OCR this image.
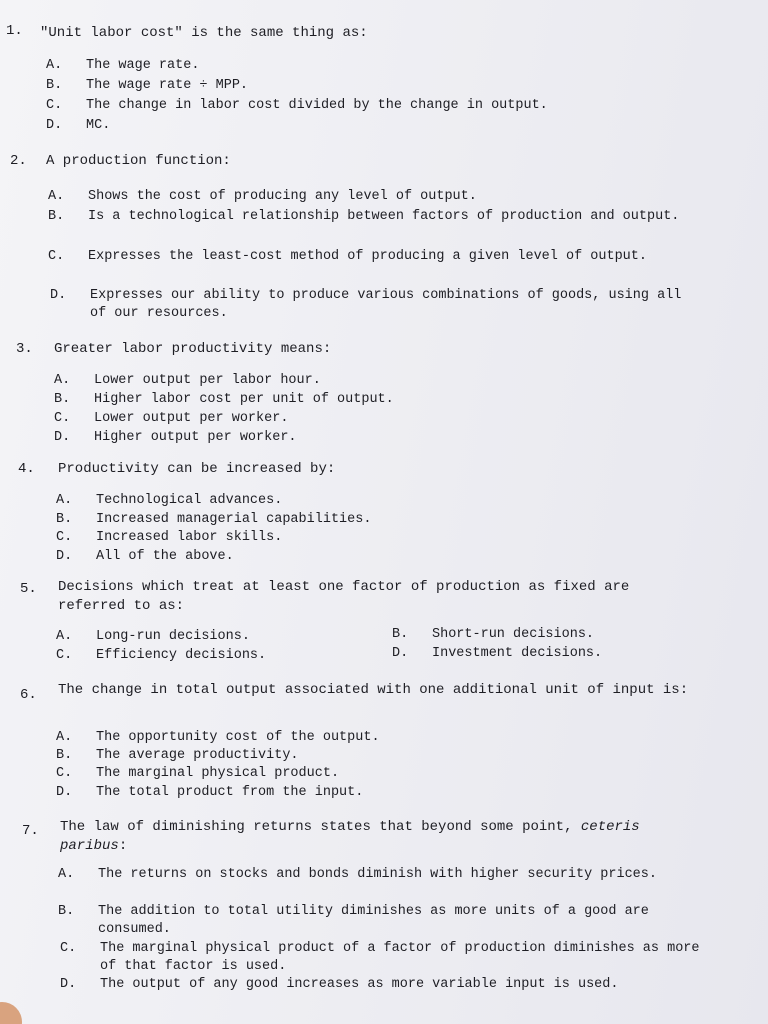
1. "Unit labor cost" is the same thing as:
A. The wage rate.
B. The wage rate ÷ MPP.
C. The change in labor cost divided by the change in output.
D. MC.
2. A production function:
A. Shows the cost of producing any level of output.
B. Is a technological relationship between factors of production and output.
C. Expresses the least-cost method of producing a given level of output.
D. Expresses our ability to produce various combinations of goods, using all of our resources.
3. Greater labor productivity means:
A. Lower output per labor hour.
B. Higher labor cost per unit of output.
C. Lower output per worker.
D. Higher output per worker.
4. Productivity can be increased by:
A. Technological advances.
B. Increased managerial capabilities.
C. Increased labor skills.
D. All of the above.
5. Decisions which treat at least one factor of production as fixed are referred to as:
A. Long-run decisions.	B. Short-run decisions.
C. Efficiency decisions.	D. Investment decisions.
6. The change in total output associated with one additional unit of input is:
A. The opportunity cost of the output.
B. The average productivity.
C. The marginal physical product.
D. The total product from the input.
7. The law of diminishing returns states that beyond some point, ceteris paribus:
A. The returns on stocks and bonds diminish with higher security prices.
B. The addition to total utility diminishes as more units of a good are consumed.
C. The marginal physical product of a factor of production diminishes as more of that factor is used.
D. The output of any good increases as more variable input is used.
